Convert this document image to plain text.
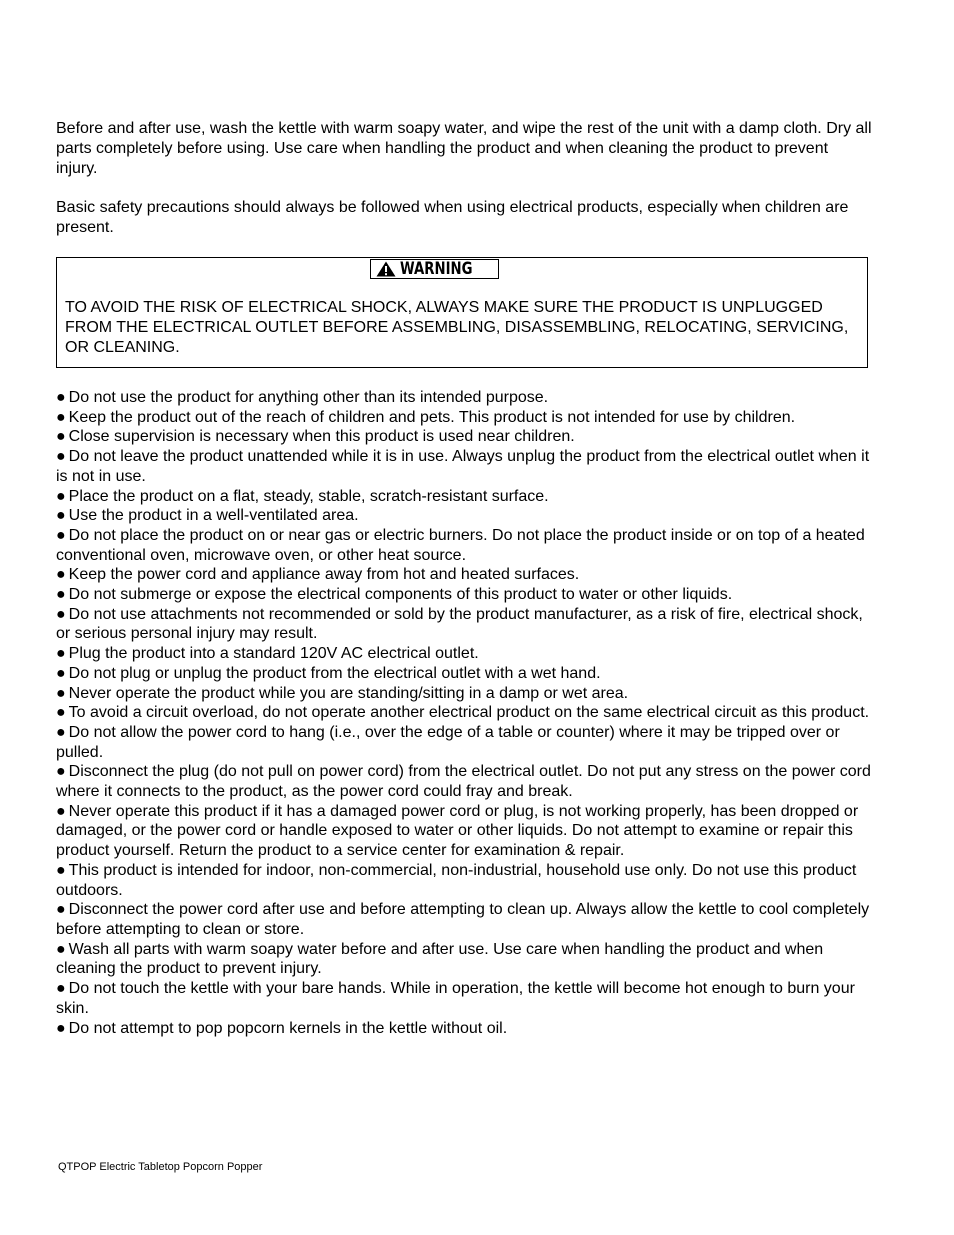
Before and after use, wash the kettle with warm soapy water, and wipe the rest of the unit with a damp cloth. Dry all parts completely before using. Use care when handling the product and when cleaning the product to prevent injury.

Basic safety precautions should always be followed when using electrical products, especially when children are present.

WARNING

TO AVOID THE RISK OF ELECTRICAL SHOCK, ALWAYS MAKE SURE THE PRODUCT IS UNPLUGGED FROM THE ELECTRICAL OUTLET BEFORE ASSEMBLING, DISASSEMBLING, RELOCATING, SERVICING, OR CLEANING.

● Do not use the product for anything other than its intended purpose.
● Keep the product out of the reach of children and pets. This product is not intended for use by children.
● Close supervision is necessary when this product is used near children.
● Do not leave the product unattended while it is in use. Always unplug the product from the electrical outlet when it is not in use.
● Place the product on a flat, steady, stable, scratch-resistant surface.
● Use the product in a well-ventilated area.
● Do not place the product on or near gas or electric burners. Do not place the product inside or on top of a heated conventional oven, microwave oven, or other heat source.
● Keep the power cord and appliance away from hot and heated surfaces.
● Do not submerge or expose the electrical components of this product to water or other liquids.
● Do not use attachments not recommended or sold by the product manufacturer, as a risk of fire, electrical shock, or serious personal injury may result.
● Plug the product into a standard 120V AC electrical outlet.
● Do not plug or unplug the product from the electrical outlet with a wet hand.
● Never operate the product while you are standing/sitting in a damp or wet area.
● To avoid a circuit overload, do not operate another electrical product on the same electrical circuit as this product.
● Do not allow the power cord to hang (i.e., over the edge of a table or counter) where it may be tripped over or pulled.
● Disconnect the plug (do not pull on power cord) from the electrical outlet. Do not put any stress on the power cord where it connects to the product, as the power cord could fray and break.
● Never operate this product if it has a damaged power cord or plug, is not working properly, has been dropped or damaged, or the power cord or handle exposed to water or other liquids. Do not attempt to examine or repair this product yourself. Return the product to a service center for examination & repair.
● This product is intended for indoor, non-commercial, non-industrial, household use only. Do not use this product outdoors.
● Disconnect the power cord after use and before attempting to clean up. Always allow the kettle to cool completely before attempting to clean or store.
● Wash all parts with warm soapy water before and after use. Use care when handling the product and when cleaning the product to prevent injury.
● Do not touch the kettle with your bare hands. While in operation, the kettle will become hot enough to burn your skin.
● Do not attempt to pop popcorn kernels in the kettle without oil.
QTPOP Electric Tabletop Popcorn Popper
